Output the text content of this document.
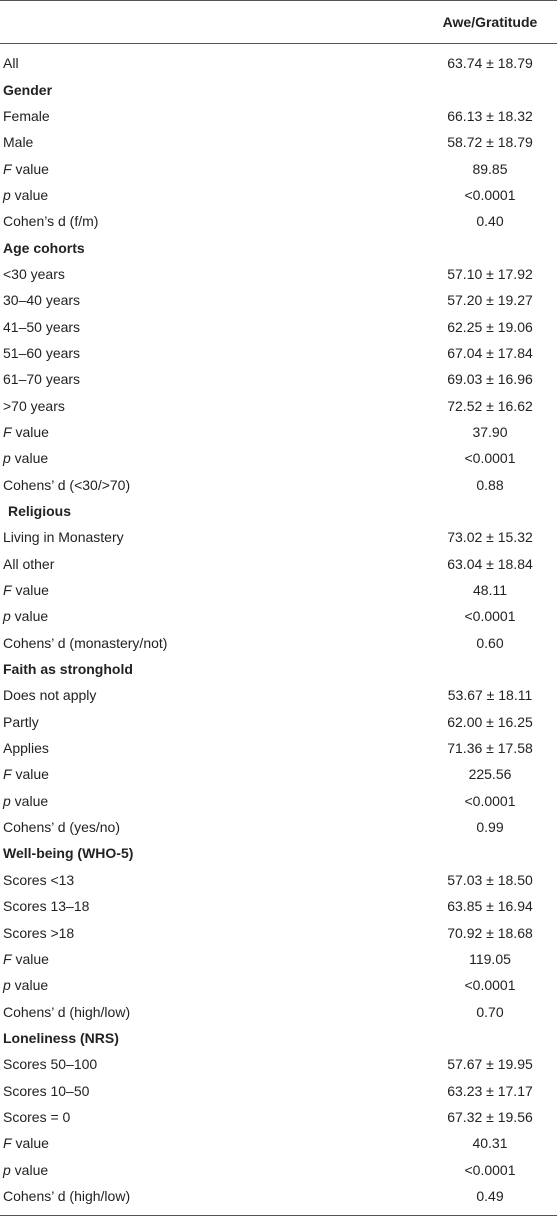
Awe/Gratitude
All	63.74 ± 18.79
Gender
Female	66.13 ± 18.32
Male	58.72 ± 18.79
F value	89.85
p value	<0.0001
Cohen’s d (f/m)	0.40
Age cohorts
<30 years	57.10 ± 17.92
30–40 years	57.20 ± 19.27
41–50 years	62.25 ± 19.06
51–60 years	67.04 ± 17.84
61–70 years	69.03 ± 16.96
>70 years	72.52 ± 16.62
F value	37.90
p value	<0.0001
Cohens’ d (<30/>70)	0.88
Religious
Living in Monastery	73.02 ± 15.32
All other	63.04 ± 18.84
F value	48.11
p value	<0.0001
Cohens’ d (monastery/not)	0.60
Faith as stronghold
Does not apply	53.67 ± 18.11
Partly	62.00 ± 16.25
Applies	71.36 ± 17.58
F value	225.56
p value	<0.0001
Cohens’ d (yes/no)	0.99
Well-being (WHO-5)
Scores <13	57.03 ± 18.50
Scores 13–18	63.85 ± 16.94
Scores >18	70.92 ± 18.68
F value	119.05
p value	<0.0001
Cohens’ d (high/low)	0.70
Loneliness (NRS)
Scores 50–100	57.67 ± 19.95
Scores 10–50	63.23 ± 17.17
Scores = 0	67.32 ± 19.56
F value	40.31
p value	<0.0001
Cohens’ d (high/low)	0.49
